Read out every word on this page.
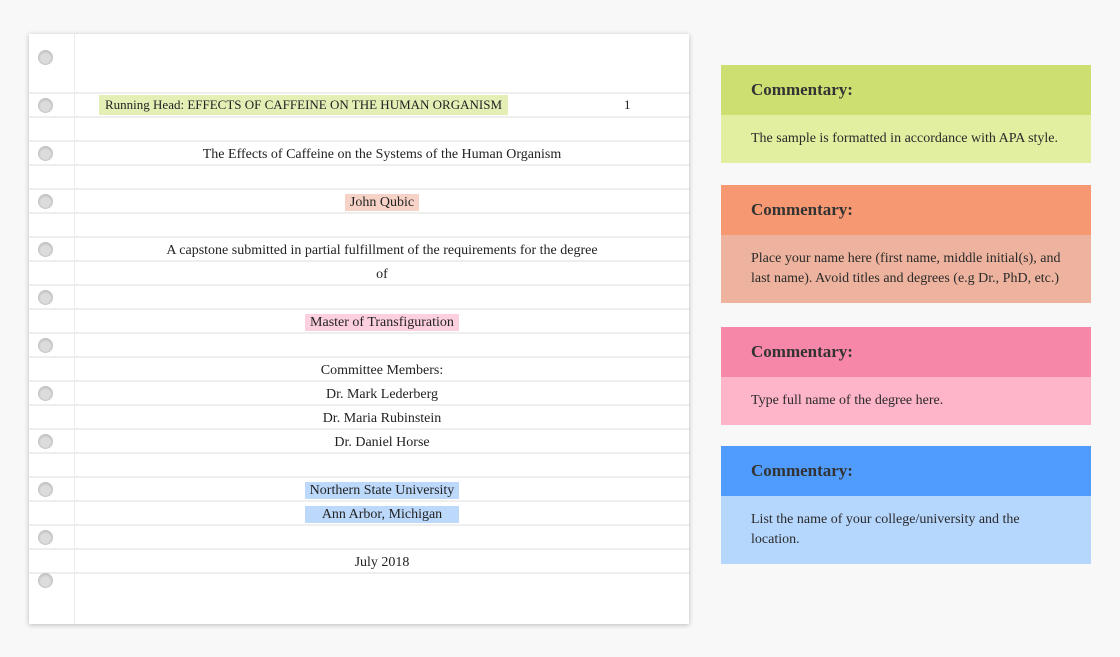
Running Head: EFFECTS OF CAFFEINE ON THE HUMAN ORGANISM	1
The Effects of Caffeine on the Systems of the Human Organism
John Qubic
A capstone submitted in partial fulfillment of the requirements for the degree
of
Master of Transfiguration
Committee Members:
Dr. Mark Lederberg
Dr. Maria Rubinstein
Dr. Daniel Horse
Northern State University
Ann Arbor, Michigan
July 2018
Commentary:
The sample is formatted in accordance with APA style.
Commentary:
Place your name here (first name, middle initial(s), and last name). Avoid titles and degrees (e.g Dr., PhD, etc.)
Commentary:
Type full name of the degree here.
Commentary:
List the name of your college/university and the location.
